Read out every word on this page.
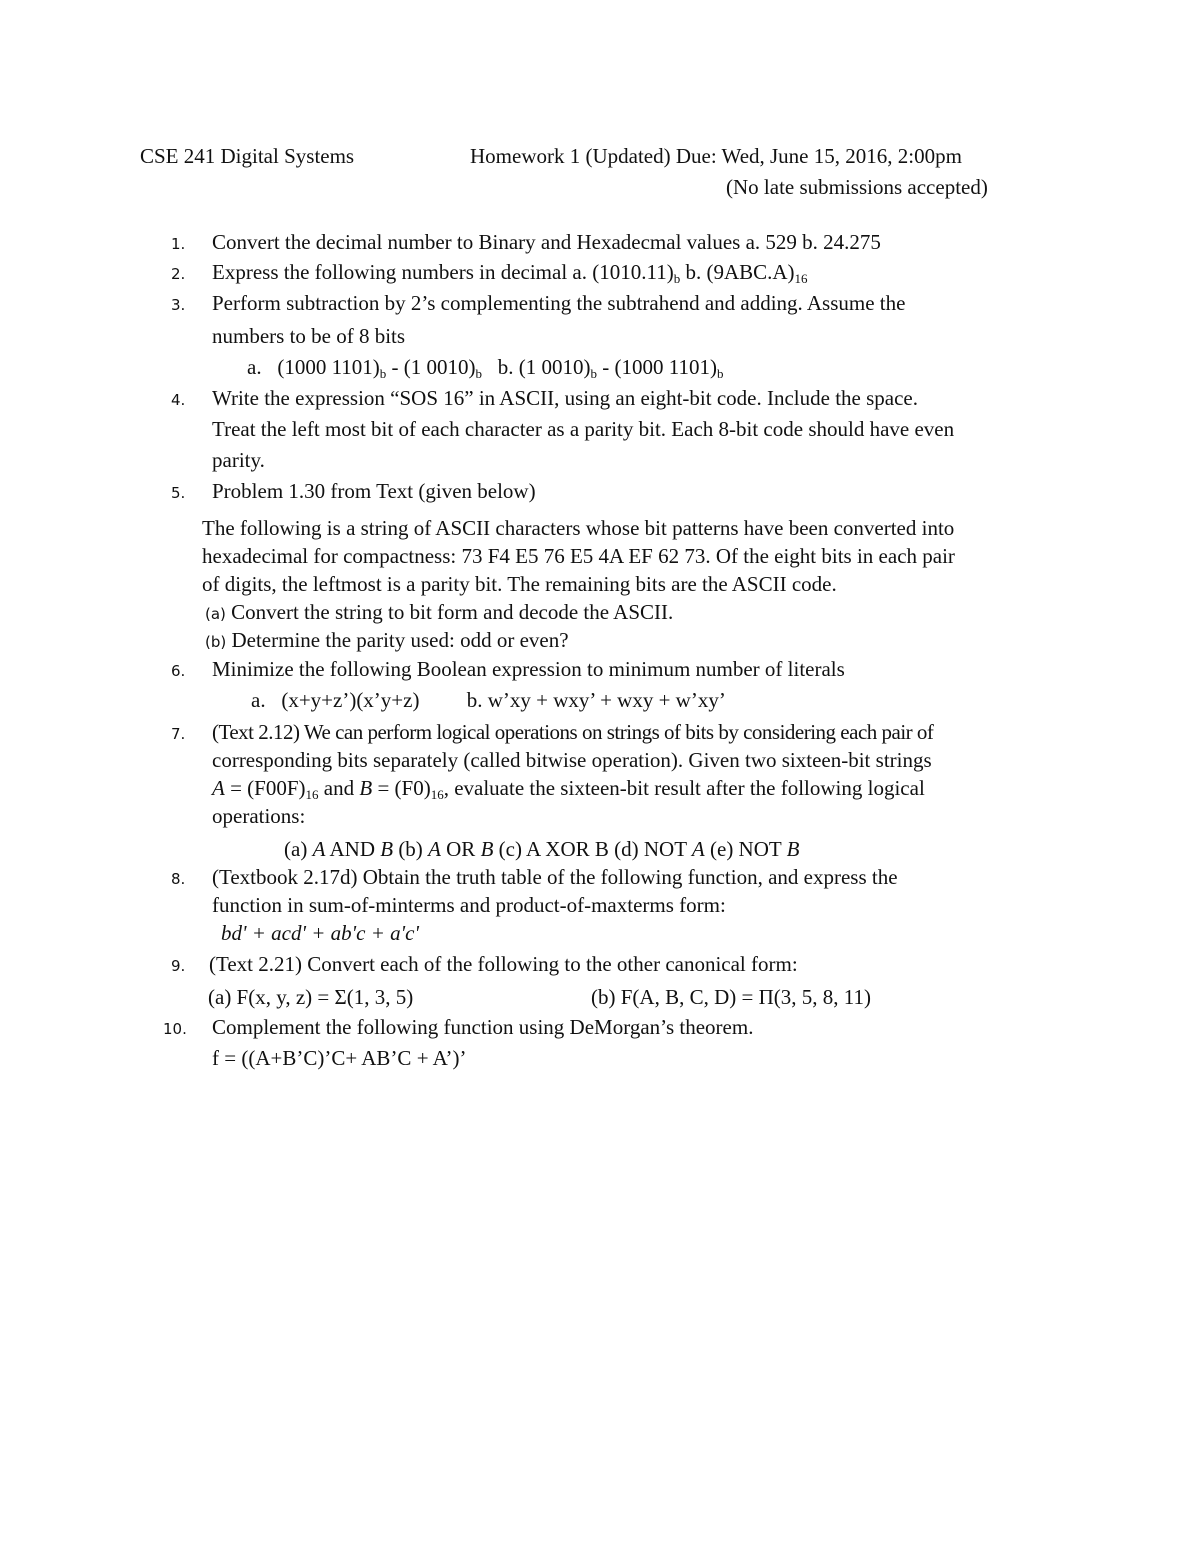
CSE 241 Digital Systems	Homework 1 (Updated) Due: Wed, June 15, 2016, 2:00pm
(No late submissions accepted)
1. Convert the decimal number to Binary and Hexadecmal values a. 529 b. 24.275
2. Express the following numbers in decimal a. $(1010.11)_b$ b. $(9ABC.A)_{16}$
3. Perform subtraction by 2’s complementing the subtrahend and adding. Assume the
numbers to be of 8 bits
a. (1000 $1101)_b - (1$ $0010)_b$ b. (1 $0010)_b - (1000$ $1101)_b$
4. Write the expression “SOS 16” in ASCII, using an eight-bit code. Include the space.
Treat the left most bit of each character as a parity bit. Each 8-bit code should have even
parity.
5. Problem 1.30 from Text (given below)
The following is a string of ASCII characters whose bit patterns have been converted into
hexadecimal for compactness: 73 F4 E5 76 E5 4A EF 62 73. Of the eight bits in each pair
of digits, the leftmost is a parity bit. The remaining bits are the ASCII code.
(a) Convert the string to bit form and decode the ASCII.
(b) Determine the parity used: odd or even?
6. Minimize the following Boolean expression to minimum number of literals
a. (x+y+z’)(x’y+z) b. w’xy + wxy’ + wxy + w’xy’
7. (Text 2.12) We can perform logical operations on strings of bits by considering each pair of
corresponding bits separately (called bitwise operation). Given two sixteen-bit strings
$A = (F00F)_{16}$ and $B = (F0)_{16}$, evaluate the sixteen-bit result after the following logical
operations:
(a) A AND B (b) A OR B (c) A XOR B (d) NOT A (e) NOT B
8. (Textbook 2.17d) Obtain the truth table of the following function, and express the
function in sum-of-minterms and product-of-maxterms form:
bd' + acd' + ab'c + a'c'
9. (Text 2.21) Convert each of the following to the other canonical form:
(a) F(x, y, z) = Σ(1, 3, 5)	(b) F(A, B, C, D) = Π(3, 5, 8, 11)
10. Complement the following function using DeMorgan’s theorem.
f = ((A+B’C)’C+ AB’C + A’)’
